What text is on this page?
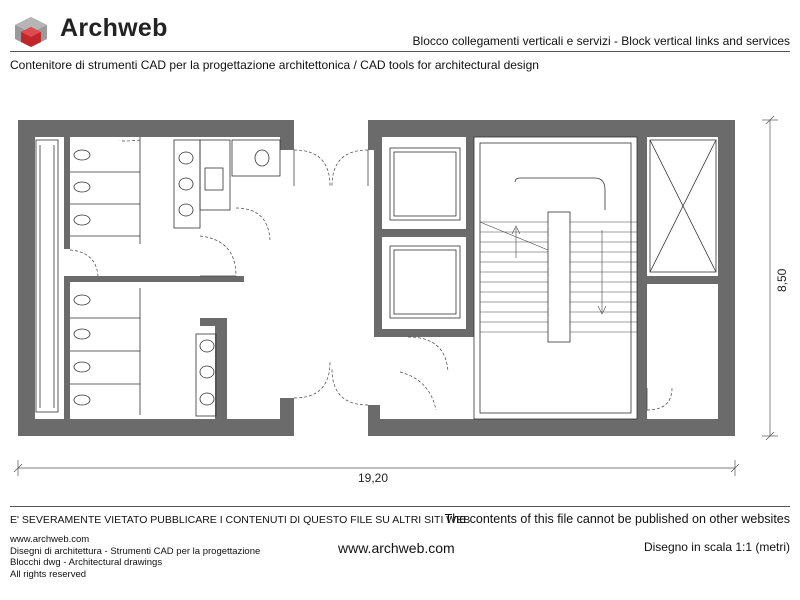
Archweb	Blocco collegamenti verticali e servizi - Block vertical links and services
Contenitore di strumenti CAD per la progettazione architettonica / CAD tools for architectural design
19,20
8,50
E' SEVERAMENTE VIETATO PUBBLICARE I CONTENUTI DI QUESTO FILE SU ALTRI SITI WEB
The contents of this file cannot be published on other websites
www.archweb.com
Disegni di architettura - Strumenti CAD per la progettazione
Blocchi dwg - Architectural drawings
All rights reserved
www.archweb.com	Disegno in scala 1:1 (metri)
